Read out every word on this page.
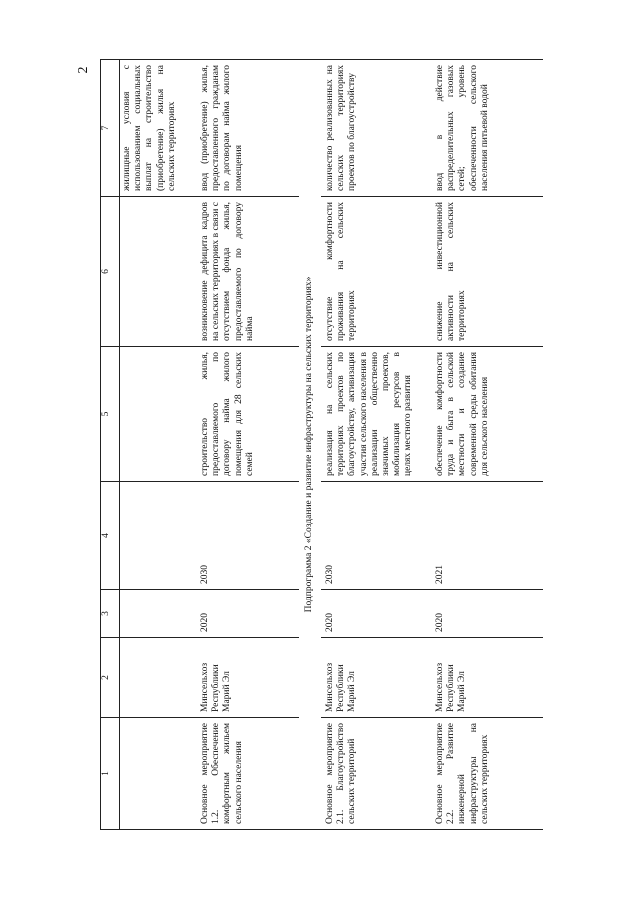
2
1	2	3	4	5	6	7
						жилищные условия с использованием социальных выплат на строительство (приобретение) жилья на сельских территориях
Основное мероприятие 1.2. Обеспечение комфортным жильем сельского населения	Минсельхоз Республики Марий Эл	2020	2030	строительство жилья, предоставляемого по договору найма жилого помещения для 28 сельских семей	возникновение дефицита кадров на сельских территориях в связи с отсутствием фонда жилья, предоставляемого по договору найма	ввод (приобретение) жилья, предоставленного гражданам по договорам найма жилого помещения
Подпрограмма 2 «Создание и развитие инфраструктуры на сельских территориях»						
Основное мероприятие 2.1. Благоустройство сельских территорий	Минсельхоз Республики Марий Эл	2020	2030	реализация на сельских территориях проектов по благоустройству, активизация участия сельского населения в реализации общественно значимых проектов, мобилизация ресурсов в целях местного развития	отсутствие комфортности проживания на сельских территориях	количество реализованных на сельских территориях проектов по благоустройству
Основное мероприятие 2.2. Развитие инженерной инфраструктуры на сельских территориях	Минсельхоз Республики Марий Эл	2020	2021	обеспечение комфортности труда и быта в сельской местности и создание современной среды обитания для сельского населения	снижение инвестиционной активности на сельских территориях	ввод в действие распределительных газовых сетей; уровень обеспеченности сельского населения питьевой водой
